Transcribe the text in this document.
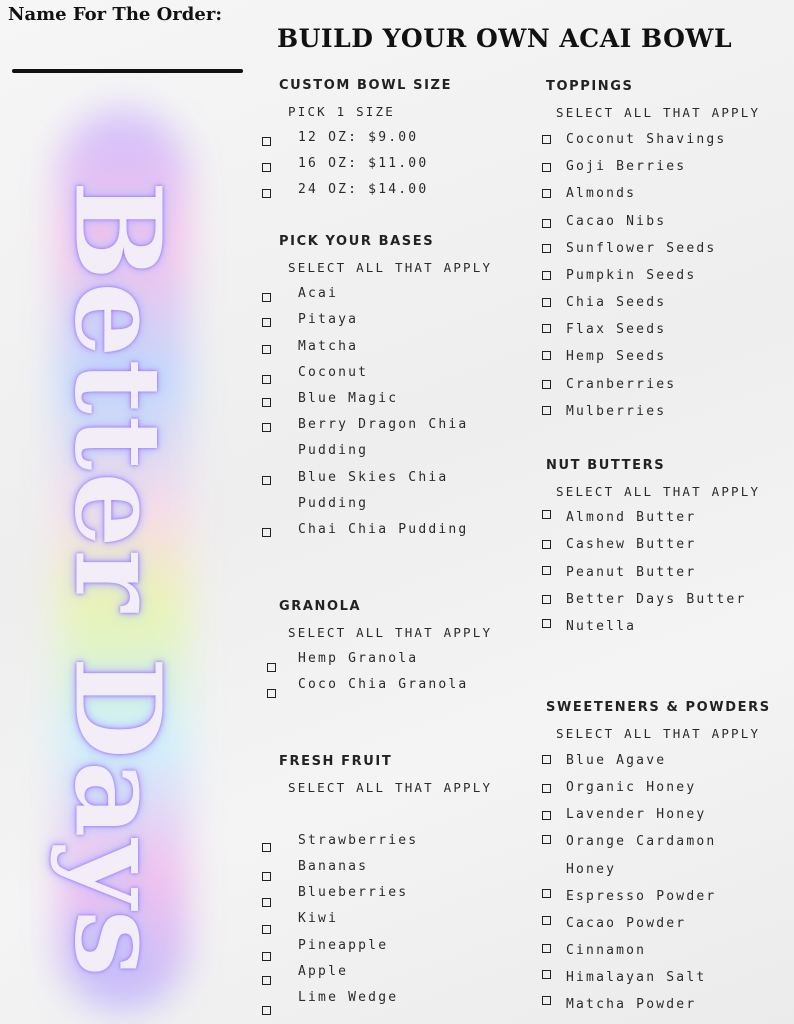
Name For The Order:
BUILD YOUR OWN ACAI BOWL
Better Days
CUSTOM BOWL SIZE
PICK 1 SIZE
12 OZ: $9.00
16 OZ: $11.00
24 OZ: $14.00
PICK YOUR BASES
SELECT ALL THAT APPLY
Acai
Pitaya
Matcha
Coconut
Blue Magic
Berry Dragon Chia
Pudding
Blue Skies Chia
Pudding
Chai Chia Pudding
GRANOLA
SELECT ALL THAT APPLY
Hemp Granola
Coco Chia Granola
FRESH FRUIT
SELECT ALL THAT APPLY
Strawberries
Bananas
Blueberries
Kiwi
Pineapple
Apple
Lime Wedge
TOPPINGS
SELECT ALL THAT APPLY
Coconut Shavings
Goji Berries
Almonds
Cacao Nibs
Sunflower Seeds
Pumpkin Seeds
Chia Seeds
Flax Seeds
Hemp Seeds
Cranberries
Mulberries
NUT BUTTERS
SELECT ALL THAT APPLY
Almond Butter
Cashew Butter
Peanut Butter
Better Days Butter
Nutella
SWEETENERS & POWDERS
SELECT ALL THAT APPLY
Blue Agave
Organic Honey
Lavender Honey
Orange Cardamon
Honey
Espresso Powder
Cacao Powder
Cinnamon
Himalayan Salt
Matcha Powder
